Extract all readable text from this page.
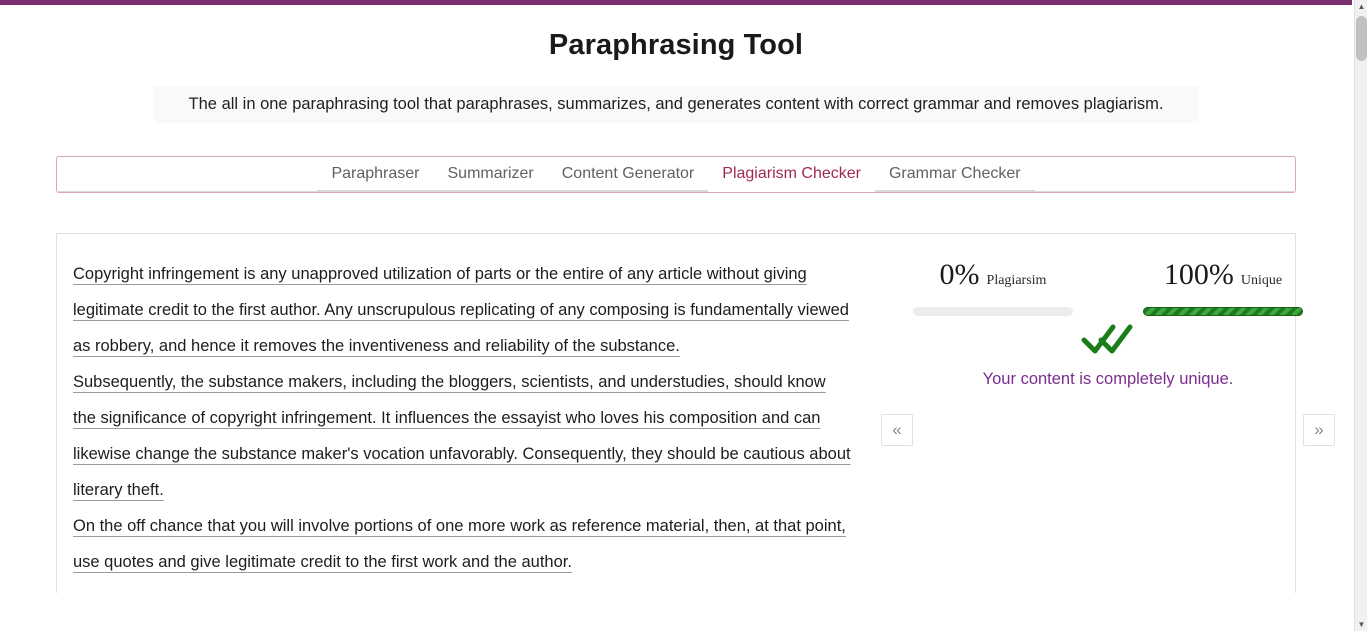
Paraphrasing Tool
The all in one paraphrasing tool that paraphrases, summarizes, and generates content with correct grammar and removes plagiarism.
Paraphraser	Summarizer	Content Generator	Plagiarism Checker	Grammar Checker

Copyright infringement is any unapproved utilization of parts or the entire of any article without giving legitimate credit to the first author. Any unscrupulous replicating of any composing is fundamentally viewed as robbery, and hence it removes the inventiveness and reliability of the substance.

Subsequently, the substance makers, including the bloggers, scientists, and understudies, should know the significance of copyright infringement. It influences the essayist who loves his composition and can likewise change the substance maker's vocation unfavorably. Consequently, they should be cautious about literary theft.

On the off chance that you will involve portions of one more work as reference material, then, at that point, use quotes and give legitimate credit to the first work and the author.

0% Plagiarsim	100% Unique
Your content is completely unique.
«	»
▲
▼
